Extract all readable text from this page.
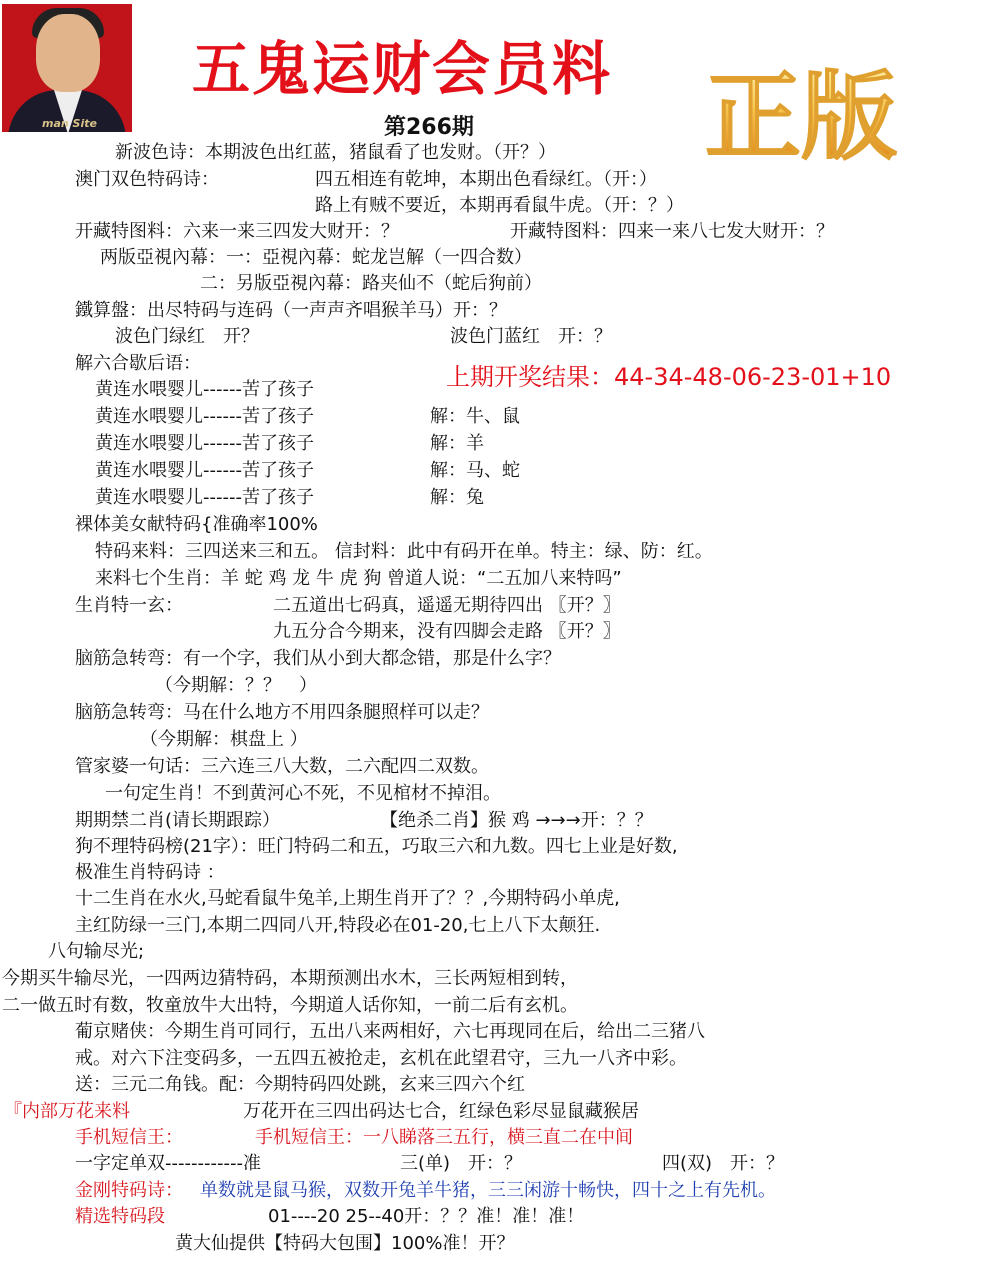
man Site
五鬼运财会员料
第266期 正版
上期开奖结果：44-34-48-06-23-01+10
新波色诗：本期波色出红蓝，猪鼠看了也发财。（开？）
澳门双色特码诗：	四五相连有乾坤，本期出色看绿红。（开：）
路上有贼不要近，本期再看鼠牛虎。（开：？）
开藏特图料：六来一来三四发大财开：？	开藏特图料：四来一来八七发大财开：？
两版亞視內幕：一：亞視內幕：蛇龙岂解（一四合数）
二：另版亞視內幕：路夹仙不（蛇后狗前）
鐵算盤：出尽特码与连码（一声声齐唱猴羊马）开：？
波色门绿红　开？	波色门蓝红　开：？
解六合歇后语：
黄连水喂婴儿------苦了孩子
黄连水喂婴儿------苦了孩子	解：牛、鼠
黄连水喂婴儿------苦了孩子	解：羊
黄连水喂婴儿------苦了孩子	解：马、蛇
黄连水喂婴儿------苦了孩子	解：兔
裸体美女献特码{准确率100%
特码来料：三四送来三和五。 信封料：此中有码开在单。特主：绿、防：红。
来料七个生肖：羊 蛇 鸡 龙 牛 虎 狗 曾道人说：“二五加八来特吗”
生肖特一玄：	二五道出七码真，遥遥无期待四出 〖开？〗
九五分合今期来，没有四脚会走路 〖开？〗
脑筋急转弯：有一个字，我们从小到大都念错，那是什么字？
（今期解：？？　）
脑筋急转弯：马在什么地方不用四条腿照样可以走？
（今期解：棋盘上 ）
管家婆一句话：三六连三八大数，二六配四二双数。
一句定生肖！不到黄河心不死，不见棺材不掉泪。
期期禁二肖(请长期跟踪）	【绝杀二肖】猴 鸡 →→→开：？？
狗不理特码榜(21字）：旺门特码二和五，巧取三六和九数。四七上业是好数,
极准生肖特码诗 ：
十二生肖在水火,马蛇看鼠牛兔羊,上期生肖开了？？,今期特码小单虎,
主红防绿一三门,本期二四同八开,特段必在01-20,七上八下太颠狂.
八句输尽光;
今期买牛输尽光，一四两边猜特码，本期预测出水木，三长两短相到转，
二一做五时有数，牧童放牛大出特，今期道人话你知，一前二后有玄机。
葡京赌侠：今期生肖可同行，五出八来两相好，六七再现同在后，给出二三猪八
戒。对六下注变码多，一五四五被抢走，玄机在此望君守，三九一八齐中彩。
送：三元二角钱。配：今期特码四处跳，玄来三四六个红
『内部万花来料	万花开在三四出码达七合，红绿色彩尽显鼠藏猴居
手机短信王：	手机短信王：一八睇落三五行，横三直二在中间
一字定单双------------准	三(单)　开：？	四(双)　开：？
金刚特码诗： 单数就是鼠马猴，双数开兔羊牛猪，三三闲游十畅快，四十之上有先机。
精选特码段	01----20 25--40开：？？准！准！准！
黄大仙提供【特码大包围】100%准！开？
